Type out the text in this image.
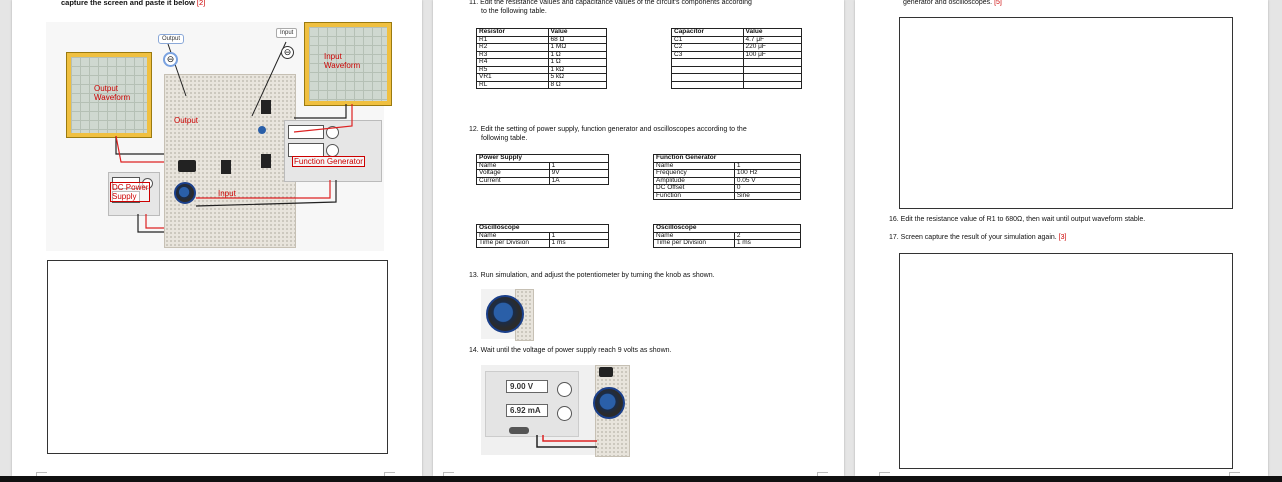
capture the screen and paste it below [2]
Output
⊖
Input
⊖	Input
Waveform
Output
Waveform
Output
Input
Function Generator
DC Power
Supply
11. Edit the resistance values and capacitance values of the circuit's components according
to the following table.
Resistor	Value
R1	68 Ω
R2	1 MΩ
R3	1 Ω
R4	1 Ω
R5	1 kΩ
VR1	5 kΩ
RL	8 Ω
Capacitor	Value
C1	4.7 μF
C2	220 μF
C3	100 μF

12. Edit the setting of power supply, function generator and oscilloscopes according to the
following table.
Power Supply	
Name	1
Voltage	9V
Current	1A
Function Generator	
Name	1
Frequency	100 Hz
Amplitude	0.05 V
DC Offset	0
Function	Sine
Oscilloscope	
Name	1
Time per Division	1 ms
Oscilloscope	
Name	2
Time per Division	1 ms
13. Run simulation, and adjust the potentiometer by turning the knob as shown.
14. Wait until the voltage of power supply reach 9 volts as shown.
9.00 V
6.92 mA
generator and oscilloscopes. [5]
16. Edit the resistance value of R1 to 680Ω, then wait until output waveform stable.
17. Screen capture the result of your simulation again. [3]
